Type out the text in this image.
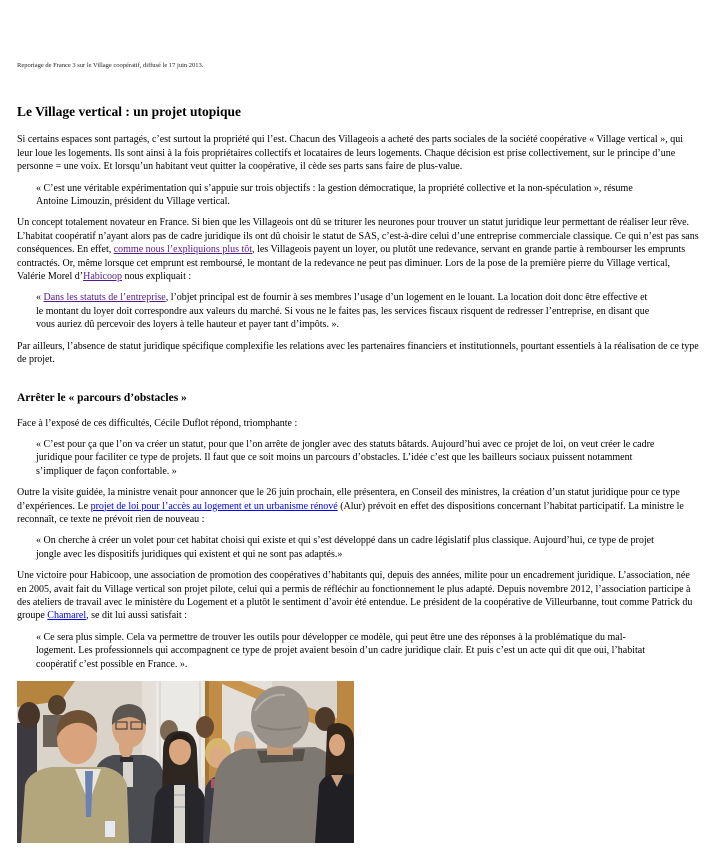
Reportage de France 3 sur le Village coopératif, diffusé le 17 juin 2013.

Le Village vertical : un projet utopique

Si certains espaces sont partagés, c’est surtout la propriété qui l’est. Chacun des Villageois a acheté des parts sociales de la société coopérative « Village vertical », qui leur loue les logements. Ils sont ainsi à la fois propriétaires collectifs et locataires de leurs logements. Chaque décision est prise collectivement, sur le principe d’une personne = une voix. Et lorsqu’un habitant veut quitter la coopérative, il cède ses parts sans faire de plus-value.

« C’est une véritable expérimentation qui s’appuie sur trois objectifs : la gestion démocratique, la propriété collective et la non-spéculation », résume Antoine Limouzin, président du Village vertical.

Un concept totalement novateur en France. Si bien que les Villageois ont dû se triturer les neurones pour trouver un statut juridique leur permettant de réaliser leur rêve. L’habitat coopératif n’ayant alors pas de cadre juridique ils ont dû choisir le statut de SAS, c’est-à-dire celui d’une entreprise commerciale classique. Ce qui n’est pas sans conséquences. En effet, comme nous l’expliquions plus tôt, les Villageois payent un loyer, ou plutôt une redevance, servant en grande partie à rembourser les emprunts contractés. Or, même lorsque cet emprunt est remboursé, le montant de la redevance ne peut pas diminuer. Lors de la pose de la première pierre du Village vertical, Valérie Morel d’Habicoop nous expliquait :

« Dans les statuts de l’entreprise, l’objet principal est de fournir à ses membres l’usage d’un logement en le louant. La location doit donc être effective et le montant du loyer doit correspondre aux valeurs du marché. Si vous ne le faites pas, les services fiscaux risquent de redresser l’entreprise, en disant que vous auriez dû percevoir des loyers à telle hauteur et payer tant d’impôts. ».

Par ailleurs, l’absence de statut juridique spécifique complexifie les relations avec les partenaires financiers et institutionnels, pourtant essentiels à la réalisation de ce type de projet.

Arrêter le « parcours d’obstacles »

Face à l’exposé de ces difficultés, Cécile Duflot répond, triomphante :

« C’est pour ça que l’on va créer un statut, pour que l’on arrête de jongler avec des statuts bâtards. Aujourd’hui avec ce projet de loi, on veut créer le cadre juridique pour faciliter ce type de projets. Il faut que ce soit moins un parcours d’obstacles. L’idée c’est que les bailleurs sociaux puissent notamment s’impliquer de façon confortable. »

Outre la visite guidée, la ministre venait pour annoncer que le 26 juin prochain, elle présentera, en Conseil des ministres, la création d’un statut juridique pour ce type d’expériences. Le projet de loi pour l’accès au logement et un urbanisme rénové (Alur) prévoit en effet des dispositions concernant l’habitat participatif. La ministre le reconnaît, ce texte ne prévoit rien de nouveau :

« On cherche à créer un volet pour cet habitat choisi qui existe et qui s’est développé dans un cadre législatif plus classique. Aujourd’hui, ce type de projet jongle avec les dispositifs juridiques qui existent et qui ne sont pas adaptés.»

Une victoire pour Habicoop, une association de promotion des coopératives d’habitants qui, depuis des années, milite pour un encadrement juridique. L’association, née en 2005, avait fait du Village vertical son projet pilote, celui qui a permis de réfléchir au fonctionnement le plus adapté. Depuis novembre 2012, l’association participe à des ateliers de travail avec le ministère du Logement et a plutôt le sentiment d’avoir été entendue. Le président de la coopérative de Villeurbanne, tout comme Patrick du groupe Chamarel, se dit lui aussi satisfait :

« Ce sera plus simple. Cela va permettre de trouver les outils pour développer ce modèle, qui peut être une des réponses à la problématique du mal-logement. Les professionnels qui accompagnent ce type de projet avaient besoin d’un cadre juridique clair. Et puis c’est un acte qui dit que oui, l’habitat coopératif c’est possible en France. ».
